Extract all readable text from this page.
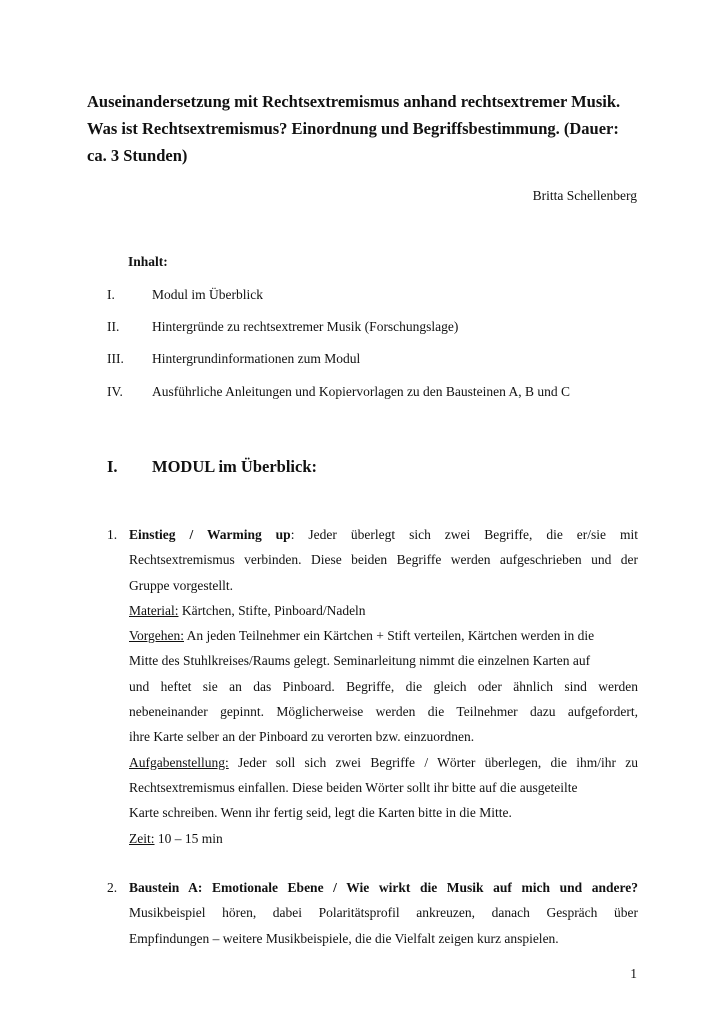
Auseinandersetzung mit Rechtsextremismus anhand rechtsextremer Musik.
Was ist Rechtsextremismus? Einordnung und Begriffsbestimmung. (Dauer:
ca. 3 Stunden)
Britta Schellenberg
Inhalt:
I.	Modul im Überblick
II. Hintergründe zu rechtsextremer Musik (Forschungslage)
III. Hintergrundinformationen zum Modul
IV. Ausführliche Anleitungen und Kopiervorlagen zu den Bausteinen A, B und C
I. MODUL im Überblick:
1. Einstieg / Warming up: Jeder überlegt sich zwei Begriffe, die er/sie mit
Rechtsextremismus verbinden. Diese beiden Begriffe werden aufgeschrieben und der
Gruppe vorgestellt.
Material: Kärtchen, Stifte, Pinboard/Nadeln
Vorgehen: An jeden Teilnehmer ein Kärtchen + Stift verteilen, Kärtchen werden in die
Mitte des Stuhlkreises/Raums gelegt. Seminarleitung nimmt die einzelnen Karten auf
und heftet sie an das Pinboard. Begriffe, die gleich oder ähnlich sind werden
nebeneinander gepinnt. Möglicherweise werden die Teilnehmer dazu aufgefordert,
ihre Karte selber an der Pinboard zu verorten bzw. einzuordnen.
Aufgabenstellung: Jeder soll sich zwei Begriffe / Wörter überlegen, die ihm/ihr zu
Rechtsextremismus einfallen. Diese beiden Wörter sollt ihr bitte auf die ausgeteilte
Karte schreiben. Wenn ihr fertig seid, legt die Karten bitte in die Mitte.
Zeit: 10 – 15 min
2. Baustein A: Emotionale Ebene / Wie wirkt die Musik auf mich und andere?
Musikbeispiel hören, dabei Polaritätsprofil ankreuzen, danach Gespräch über
Empfindungen – weitere Musikbeispiele, die die Vielfalt zeigen kurz anspielen.
1
